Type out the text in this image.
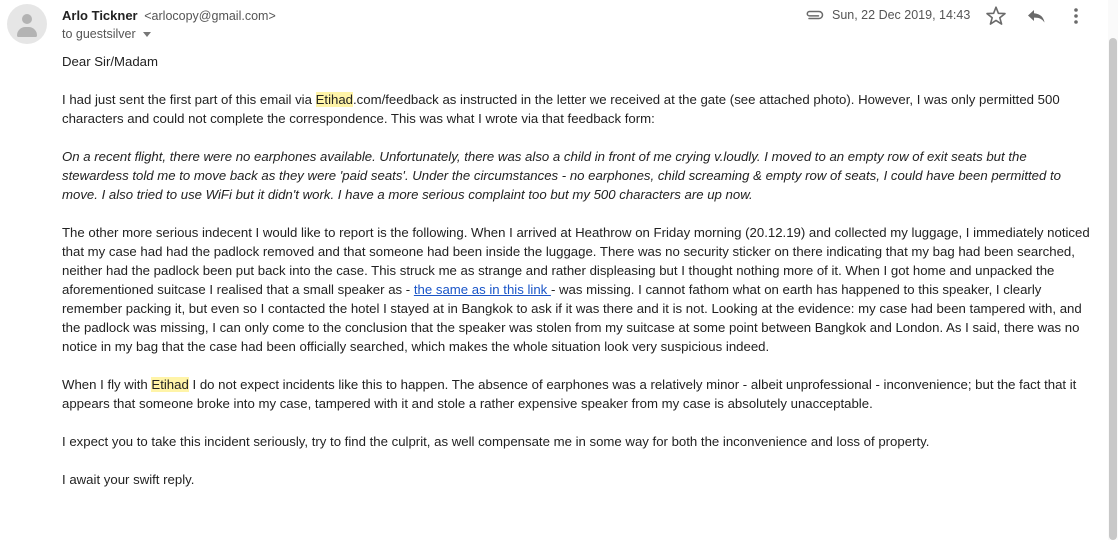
Arlo Tickner <arlocopy@gmail.com>
to guestsilver
Sun, 22 Dec 2019, 14:43

Dear Sir/Madam

I had just sent the first part of this email via Etihad.com/feedback as instructed in the letter we received at the gate (see attached photo). However, I was only permitted 500 characters and could not complete the correspondence. This was what I wrote via that feedback form:

On a recent flight, there were no earphones available. Unfortunately, there was also a child in front of me crying v.loudly. I moved to an empty row of exit seats but the stewardess told me to move back as they were 'paid seats'. Under the circumstances - no earphones, child screaming & empty row of seats, I could have been permitted to move. I also tried to use WiFi but it didn't work. I have a more serious complaint too but my 500 characters are up now.

The other more serious indecent I would like to report is the following. When I arrived at Heathrow on Friday morning (20.12.19) and collected my luggage, I immediately noticed that my case had had the padlock removed and that someone had been inside the luggage. There was no security sticker on there indicating that my bag had been searched, neither had the padlock been put back into the case. This struck me as strange and rather displeasing but I thought nothing more of it. When I got home and unpacked the aforementioned suitcase I realised that a small speaker as - the same as in this link - was missing. I cannot fathom what on earth has happened to this speaker, I clearly remember packing it, but even so I contacted the hotel I stayed at in Bangkok to ask if it was there and it is not. Looking at the evidence: my case had been tampered with, and the padlock was missing, I can only come to the conclusion that the speaker was stolen from my suitcase at some point between Bangkok and London. As I said, there was no notice in my bag that the case had been officially searched, which makes the whole situation look very suspicious indeed.

When I fly with Etihad I do not expect incidents like this to happen. The absence of earphones was a relatively minor - albeit unprofessional - inconvenience; but the fact that it appears that someone broke into my case, tampered with it and stole a rather expensive speaker from my case is absolutely unacceptable.

I expect you to take this incident seriously, try to find the culprit, as well compensate me in some way for both the inconvenience and loss of property.

I await your swift reply.
